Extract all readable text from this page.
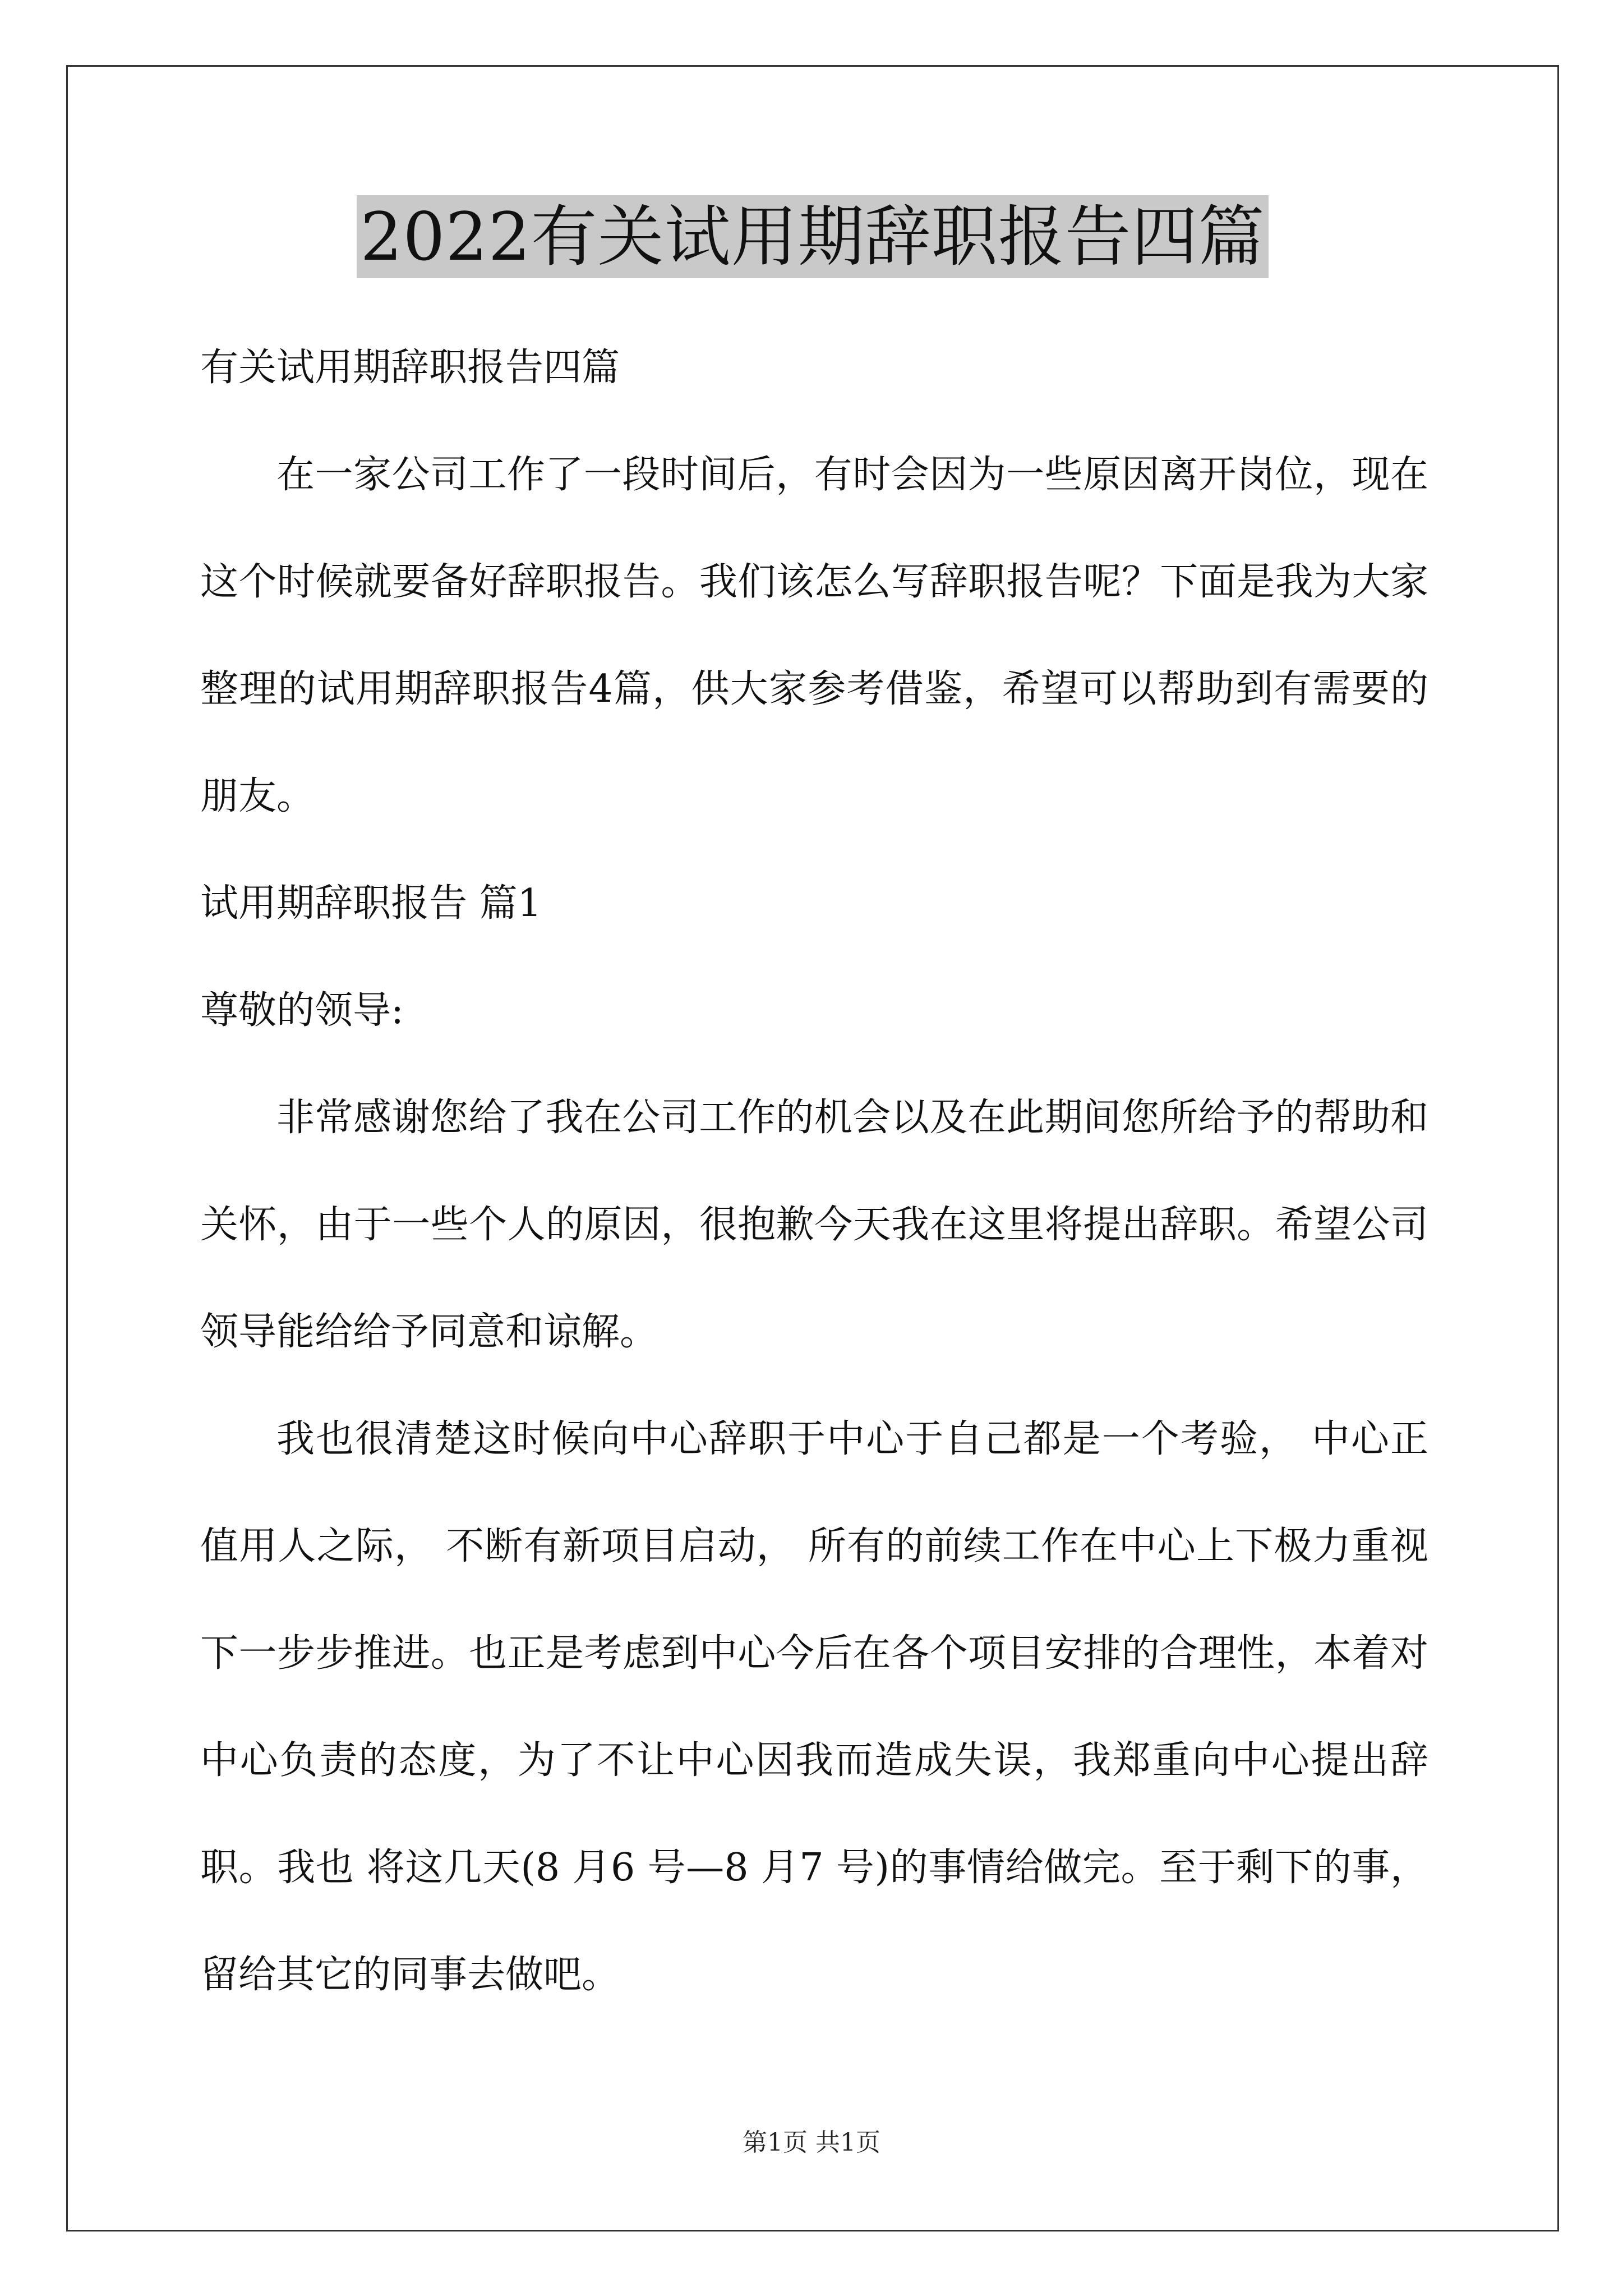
2022有关试用期辞职报告四篇

有关试用期辞职报告四篇

在一家公司工作了一段时间后，有时会因为一些原因离开岗位，现在这个时候就要备好辞职报告。我们该怎么写辞职报告呢？下面是我为大家整理的试用期辞职报告4篇，供大家参考借鉴，希望可以帮助到有需要的朋友。

试用期辞职报告 篇1

尊敬的领导:

非常感谢您给了我在公司工作的机会以及在此期间您所给予的帮助和关怀，由于一些个人的原因，很抱歉今天我在这里将提出辞职。希望公司领导能给给予同意和谅解。

我也很清楚这时候向中心辞职于中心于自己都是一个考验， 中心正值用人之际， 不断有新项目启动， 所有的前续工作在中心上下极力重视下一步步推进。也正是考虑到中心今后在各个项目安排的合理性，本着对中心负责的态度，为了不让中心因我而造成失误，我郑重向中心提出辞职。我也 将这几天(8 月6 号—8 月7 号)的事情给做完。至于剩下的事，留给其它的同事去做吧。

第1页 共1页
